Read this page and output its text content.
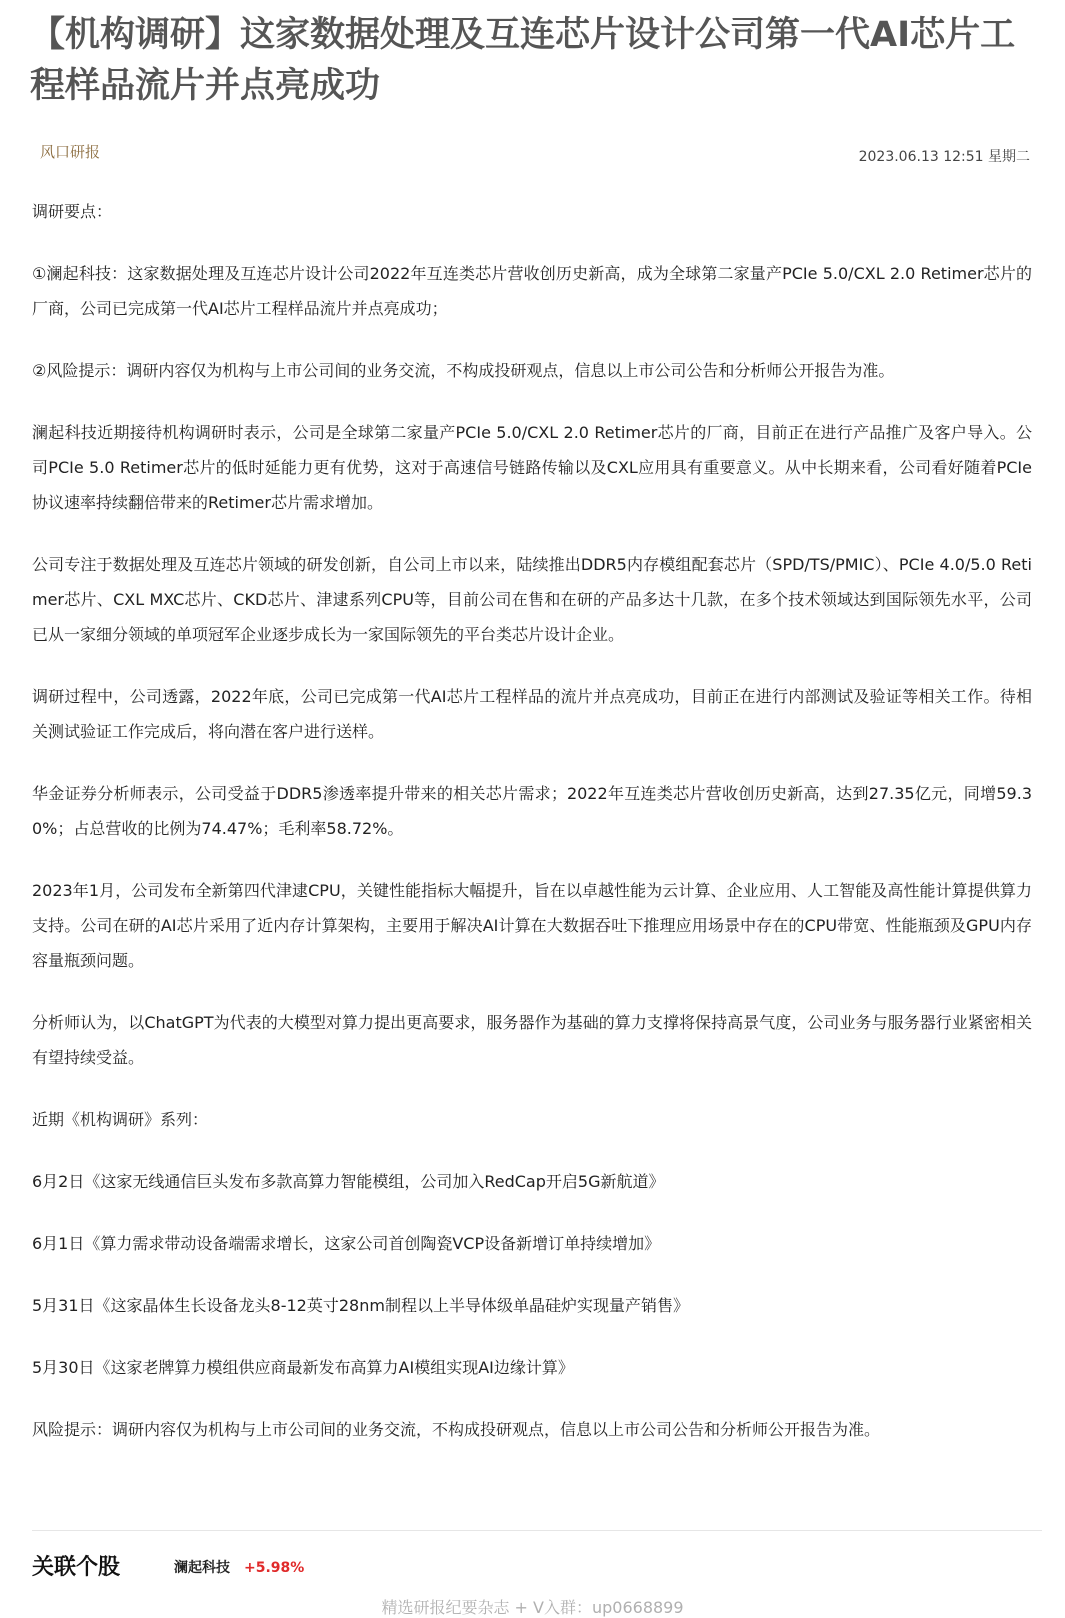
【机构调研】这家数据处理及互连芯片设计公司第一代AI芯片工程样品流片并点亮成功
风口研报	2023.06.13 12:51 星期二

调研要点：

①澜起科技：这家数据处理及互连芯片设计公司2022年互连类芯片营收创历史新高，成为全球第二家量产PCIe 5.0/CXL 2.0 Retimer芯片的厂商，公司已完成第一代AI芯片工程样品流片并点亮成功；

②风险提示：调研内容仅为机构与上市公司间的业务交流，不构成投研观点，信息以上市公司公告和分析师公开报告为准。

澜起科技近期接待机构调研时表示，公司是全球第二家量产PCIe 5.0/CXL 2.0 Retimer芯片的厂商，目前正在进行产品推广及客户导入。公司PCIe 5.0 Retimer芯片的低时延能力更有优势，这对于高速信号链路传输以及CXL应用具有重要意义。从中长期来看，公司看好随着PCIe协议速率持续翻倍带来的Retimer芯片需求增加。

公司专注于数据处理及互连芯片领域的研发创新，自公司上市以来，陆续推出DDR5内存模组配套芯片（SPD/TS/PMIC）、PCIe 4.0/5.0 Retimer芯片、CXL MXC芯片、CKD芯片、津逮系列CPU等，目前公司在售和在研的产品多达十几款，在多个技术领域达到国际领先水平，公司已从一家细分领域的单项冠军企业逐步成长为一家国际领先的平台类芯片设计企业。

调研过程中，公司透露，2022年底，公司已完成第一代AI芯片工程样品的流片并点亮成功，目前正在进行内部测试及验证等相关工作。待相关测试验证工作完成后，将向潜在客户进行送样。

华金证券分析师表示，公司受益于DDR5渗透率提升带来的相关芯片需求；2022年互连类芯片营收创历史新高，达到27.35亿元，同增59.30%；占总营收的比例为74.47%；毛利率58.72%。

2023年1月，公司发布全新第四代津逮CPU，关键性能指标大幅提升，旨在以卓越性能为云计算、企业应用、人工智能及高性能计算提供算力支持。公司在研的AI芯片采用了近内存计算架构，主要用于解决AI计算在大数据吞吐下推理应用场景中存在的CPU带宽、性能瓶颈及GPU内存容量瓶颈问题。

分析师认为，以ChatGPT为代表的大模型对算力提出更高要求，服务器作为基础的算力支撑将保持高景气度，公司业务与服务器行业紧密相关有望持续受益。

近期《机构调研》系列：

6月2日《这家无线通信巨头发布多款高算力智能模组，公司加入RedCap开启5G新航道》

6月1日《算力需求带动设备端需求增长，这家公司首创陶瓷VCP设备新增订单持续增加》

5月31日《这家晶体生长设备龙头8-12英寸28nm制程以上半导体级单晶硅炉实现量产销售》

5月30日《这家老牌算力模组供应商最新发布高算力AI模组实现AI边缘计算》

风险提示：调研内容仅为机构与上市公司间的业务交流，不构成投研观点，信息以上市公司公告和分析师公开报告为准。

关联个股	澜起科技 +5.98%
精选研报纪要杂志 + V入群：up0668899
